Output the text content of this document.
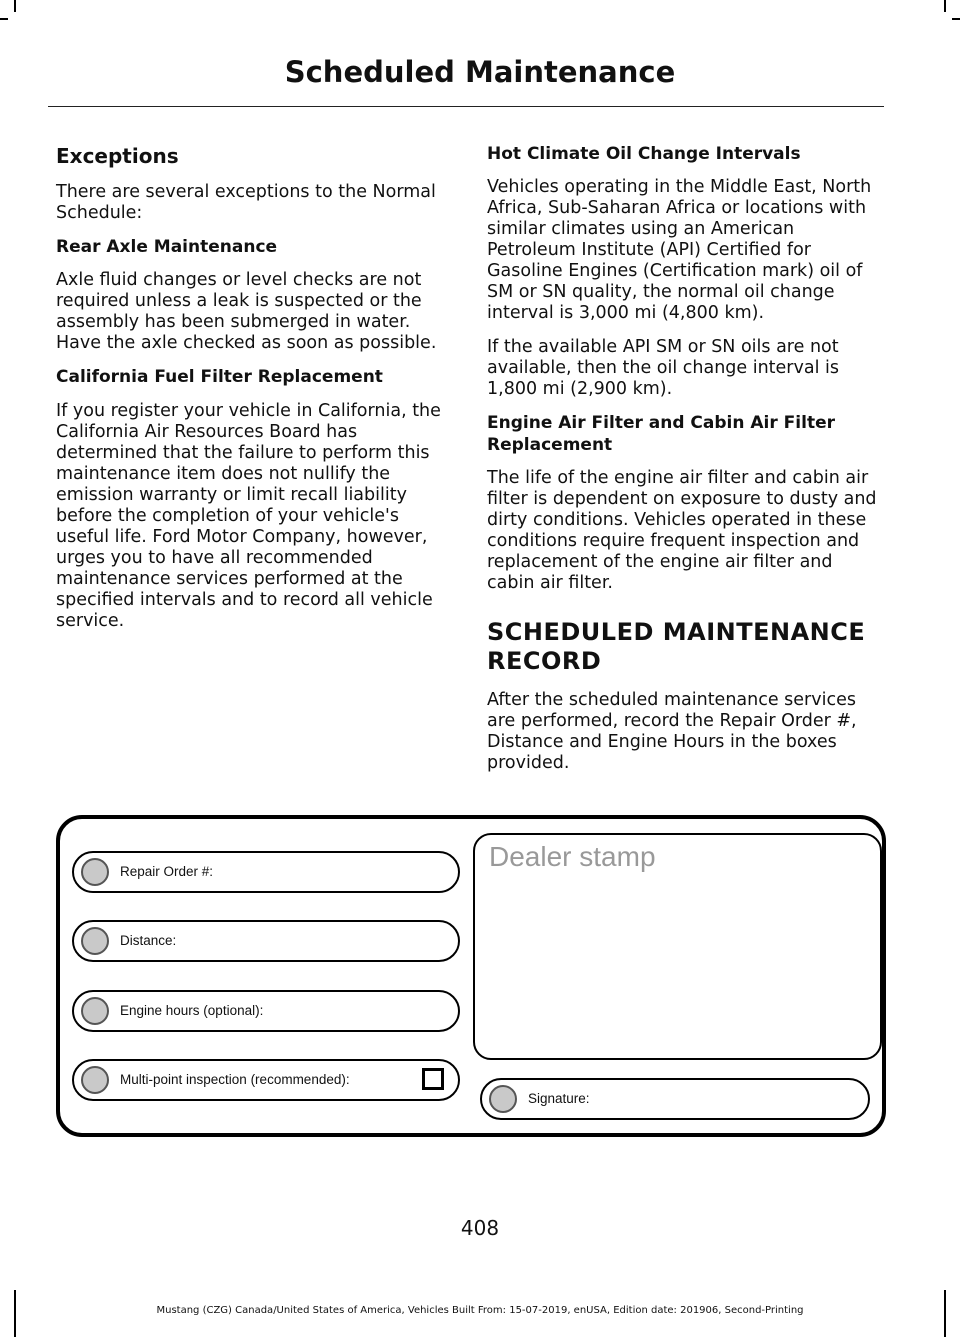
Scheduled Maintenance
Exceptions

There are several exceptions to the Normal Schedule:

Rear Axle Maintenance

Axle fluid changes or level checks are not required unless a leak is suspected or the assembly has been submerged in water. Have the axle checked as soon as possible.

California Fuel Filter Replacement

If you register your vehicle in California, the California Air Resources Board has determined that the failure to perform this maintenance item does not nullify the emission warranty or limit recall liability before the completion of your vehicle's useful life. Ford Motor Company, however, urges you to have all recommended maintenance services performed at the specified intervals and to record all vehicle service.

Hot Climate Oil Change Intervals

Vehicles operating in the Middle East, North Africa, Sub-Saharan Africa or locations with similar climates using an American Petroleum Institute (API) Certified for Gasoline Engines (Certification mark) oil of SM or SN quality, the normal oil change interval is 3,000 mi (4,800 km).

If the available API SM or SN oils are not available, then the oil change interval is 1,800 mi (2,900 km).

Engine Air Filter and Cabin Air Filter Replacement

The life of the engine air filter and cabin air filter is dependent on exposure to dusty and dirty conditions. Vehicles operated in these conditions require frequent inspection and replacement of the engine air filter and cabin air filter.

SCHEDULED MAINTENANCE
RECORD

After the scheduled maintenance services are performed, record the Repair Order #, Distance and Engine Hours in the boxes provided.

Repair Order #:
Distance:
Engine hours (optional):
Multi-point inspection (recommended):
Dealer stamp
Signature:
408
Mustang (CZG) Canada/United States of America, Vehicles Built From: 15-07-2019, enUSA, Edition date: 201906, Second-Printing
